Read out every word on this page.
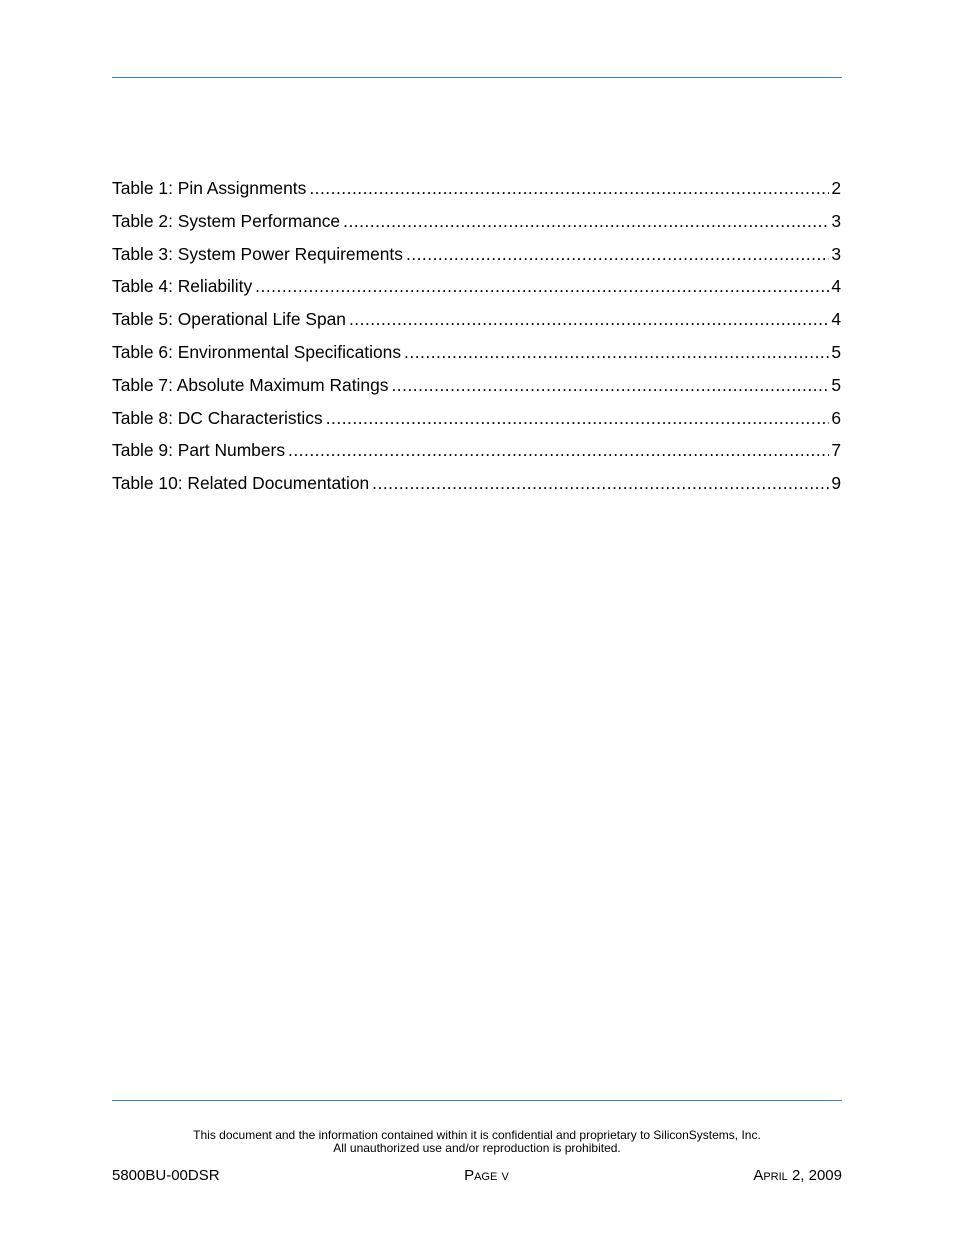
Table 1: Pin Assignments .....	2
Table 2: System Performance .....	3
Table 3: System Power Requirements .....	3
Table 4: Reliability .....	4
Table 5: Operational Life Span .....	4
Table 6: Environmental Specifications .....	5
Table 7: Absolute Maximum Ratings .....	5
Table 8: DC Characteristics .....	6
Table 9: Part Numbers .....	7
Table 10: Related Documentation .....	9
This document and the information contained within it is confidential and proprietary to SiliconSystems, Inc.
All unauthorized use and/or reproduction is prohibited.
5800BU-00DSR	Page v	April 2, 2009
